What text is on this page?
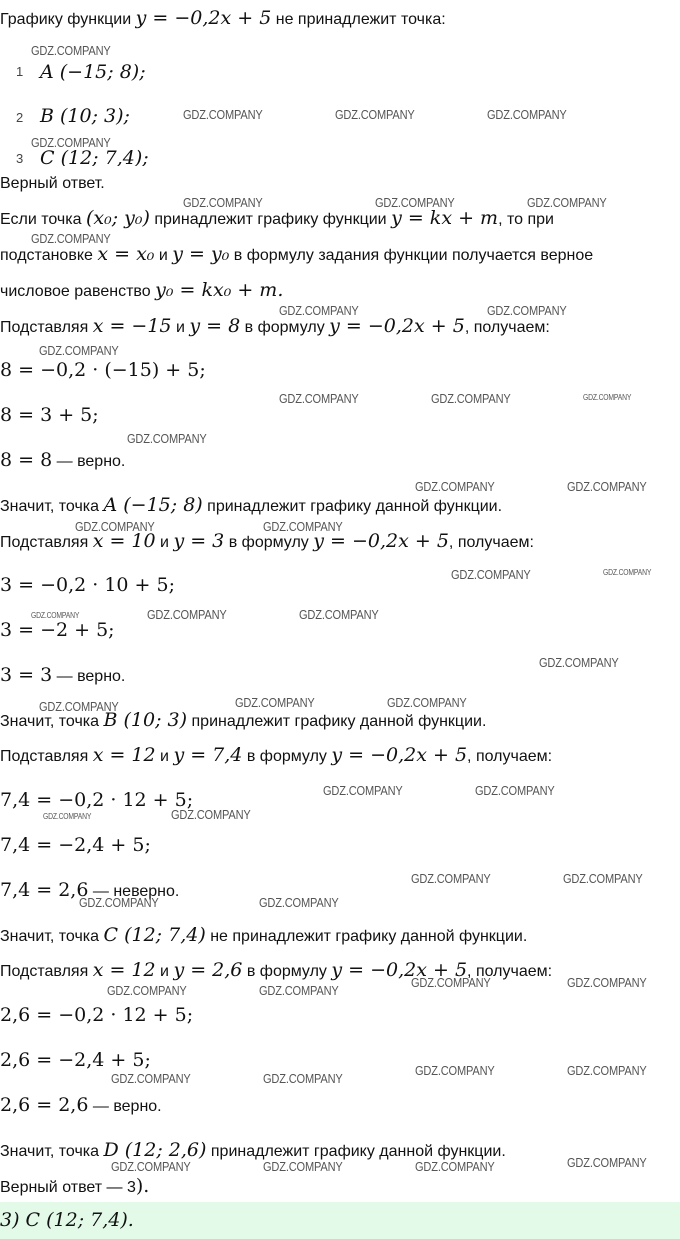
Графику функции y = −0,2x + 5 не принадлежит точка:
1 A (−15; 8);
2 B (10; 3);
3 C (12; 7,4);
Верный ответ.
Если точка (x₀; y₀) принадлежит графику функции y = kx + m, то при
подстановке x = x₀ и y = y₀ в формулу задания функции получается верное
числовое равенство y₀ = kx₀ + m.
Подставляя x = −15 и y = 8 в формулу y = −0,2x + 5, получаем:
8 = −0,2 · (−15) + 5;
8 = 3 + 5;
8 = 8 — верно.
Значит, точка A (−15; 8) принадлежит графику данной функции.
Подставляя x = 10 и y = 3 в формулу y = −0,2x + 5, получаем:
3 = −0,2 · 10 + 5;
3 = −2 + 5;
3 = 3 — верно.
Значит, точка B (10; 3) принадлежит графику данной функции.
Подставляя x = 12 и y = 7,4 в формулу y = −0,2x + 5, получаем:
7,4 = −0,2 · 12 + 5;
7,4 = −2,4 + 5;
7,4 = 2,6 — неверно.
Значит, точка C (12; 7,4) не принадлежит графику данной функции.
Подставляя x = 12 и y = 2,6 в формулу y = −0,2x + 5, получаем:
2,6 = −0,2 · 12 + 5;
2,6 = −2,4 + 5;
2,6 = 2,6 — верно.
Значит, точка D (12; 2,6) принадлежит графику данной функции.
Верный ответ — 3).
3) C (12; 7,4).
GDZ.COMPANY
GDZ.COMPANY	GDZ.COMPANY	GDZ.COMPANY
GDZ.COMPANY
GDZ.COMPANY	GDZ.COMPANY	GDZ.COMPANY
GDZ.COMPANY
GDZ.COMPANY	GDZ.COMPANY
GDZ.COMPANY
GDZ.COMPANY	GDZ.COMPANY	GDZ.COMPANY
GDZ.COMPANY
GDZ.COMPANY	GDZ.COMPANY
GDZ.COMPANY	GDZ.COMPANY
GDZ.COMPANY	GDZ.COMPANY
GDZ.COMPANY	GDZ.COMPANY	GDZ.COMPANY
GDZ.COMPANY
GDZ.COMPANY	GDZ.COMPANY	GDZ.COMPANY
GDZ.COMPANY	GDZ.COMPANY
GDZ.COMPANY	GDZ.COMPANY
GDZ.COMPANY	GDZ.COMPANY
GDZ.COMPANY	GDZ.COMPANY
GDZ.COMPANY	GDZ.COMPANY
GDZ.COMPANY	GDZ.COMPANY
GDZ.COMPANY	GDZ.COMPANY
GDZ.COMPANY	GDZ.COMPANY
GDZ.COMPANY
GDZ.COMPANY	GDZ.COMPANY	GDZ.COMPANY
